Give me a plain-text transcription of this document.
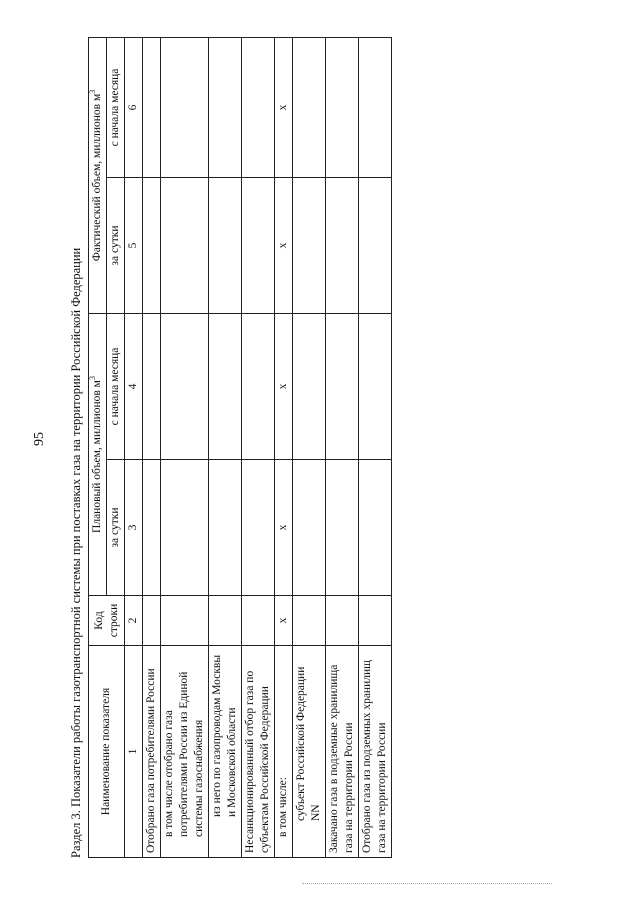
95	Раздел 3. Показатели работы газотранспортной системы при поставках газа на территории Российской Федерации	Наименование показателя	Код строки	Плановый объем, миллионов $м^3$		Фактический объем, миллионов $м^3$
		за сутки	с начала месяца	за сутки	с начала месяца
1	2	3	4	5	6
Отобрано газа потребителями России					
в том числе отобрано газа потребителями России из Единой системы газоснабжения					
из него по газопроводам Москвы и Московской области					
Несанкционированный отбор газа по субъектам Российской Федерации					
в том числе:	x	x	x	x	x
субъект Российской Федерации NN					
Закачано газа в подземные хранилища газа на территории России					
Отобрано газа из подземных хранилищ газа на территории России					
